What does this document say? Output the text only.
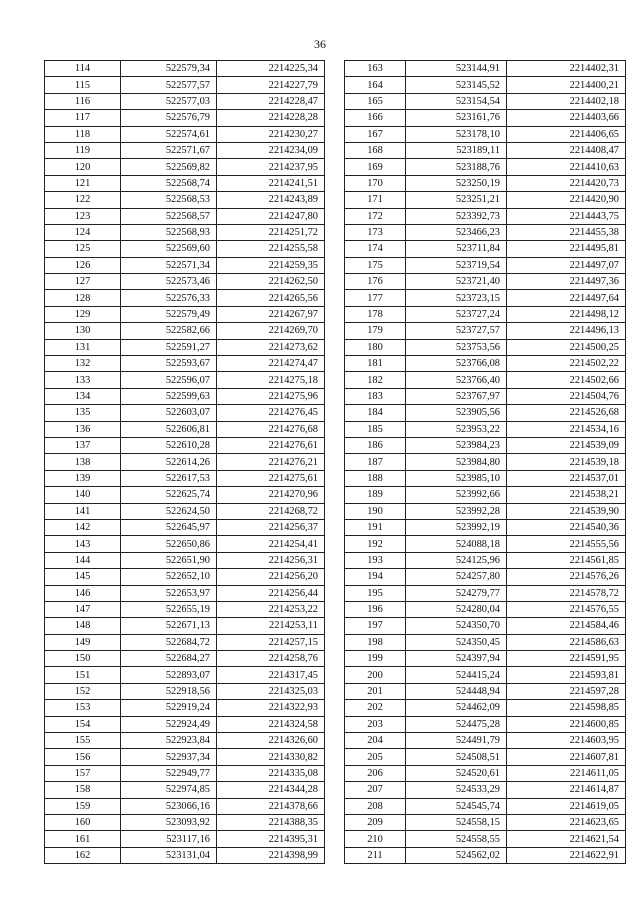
36
114	522579,34	2214225,34
115	522577,57	2214227,79
116	522577,03	2214228,47
117	522576,79	2214228,28
118	522574,61	2214230,27
119	522571,67	2214234,09
120	522569,82	2214237,95
121	522568,74	2214241,51
122	522568,53	2214243,89
123	522568,57	2214247,80
124	522568,93	2214251,72
125	522569,60	2214255,58
126	522571,34	2214259,35
127	522573,46	2214262,50
128	522576,33	2214265,56
129	522579,49	2214267,97
130	522582,66	2214269,70
131	522591,27	2214273,62
132	522593,67	2214274,47
133	522596,07	2214275,18
134	522599,63	2214275,96
135	522603,07	2214276,45
136	522606,81	2214276,68
137	522610,28	2214276,61
138	522614,26	2214276,21
139	522617,53	2214275,61
140	522625,74	2214270,96
141	522624,50	2214268,72
142	522645,97	2214256,37
143	522650,86	2214254,41
144	522651,90	2214256,31
145	522652,10	2214256,20
146	522653,97	2214256,44
147	522655,19	2214253,22
148	522671,13	2214253,11
149	522684,72	2214257,15
150	522684,27	2214258,76
151	522893,07	2214317,45
152	522918,56	2214325,03
153	522919,24	2214322,93
154	522924,49	2214324,58
155	522923,84	2214326,60
156	522937,34	2214330,82
157	522949,77	2214335,08
158	522974,85	2214344,28
159	523066,16	2214378,66
160	523093,92	2214388,35
161	523117,16	2214395,31
162	523131,04	2214398,99
163	523144,91	2214402,31
164	523145,52	2214400,21
165	523154,54	2214402,18
166	523161,76	2214403,66
167	523178,10	2214406,65
168	523189,11	2214408,47
169	523188,76	2214410,63
170	523250,19	2214420,73
171	523251,21	2214420,90
172	523392,73	2214443,75
173	523466,23	2214455,38
174	523711,84	2214495,81
175	523719,54	2214497,07
176	523721,40	2214497,36
177	523723,15	2214497,64
178	523727,24	2214498,12
179	523727,57	2214496,13
180	523753,56	2214500,25
181	523766,08	2214502,22
182	523766,40	2214502,66
183	523767,97	2214504,76
184	523905,56	2214526,68
185	523953,22	2214534,16
186	523984,23	2214539,09
187	523984,80	2214539,18
188	523985,10	2214537,01
189	523992,66	2214538,21
190	523992,28	2214539,90
191	523992,19	2214540,36
192	524088,18	2214555,56
193	524125,96	2214561,85
194	524257,80	2214576,26
195	524279,77	2214578,72
196	524280,04	2214576,55
197	524350,70	2214584,46
198	524350,45	2214586,63
199	524397,94	2214591,95
200	524415,24	2214593,81
201	524448,94	2214597,28
202	524462,09	2214598,85
203	524475,28	2214600,85
204	524491,79	2214603,95
205	524508,51	2214607,81
206	524520,61	2214611,05
207	524533,29	2214614,87
208	524545,74	2214619,05
209	524558,15	2214623,65
210	524558,55	2214621,54
211	524562,02	2214622,91
